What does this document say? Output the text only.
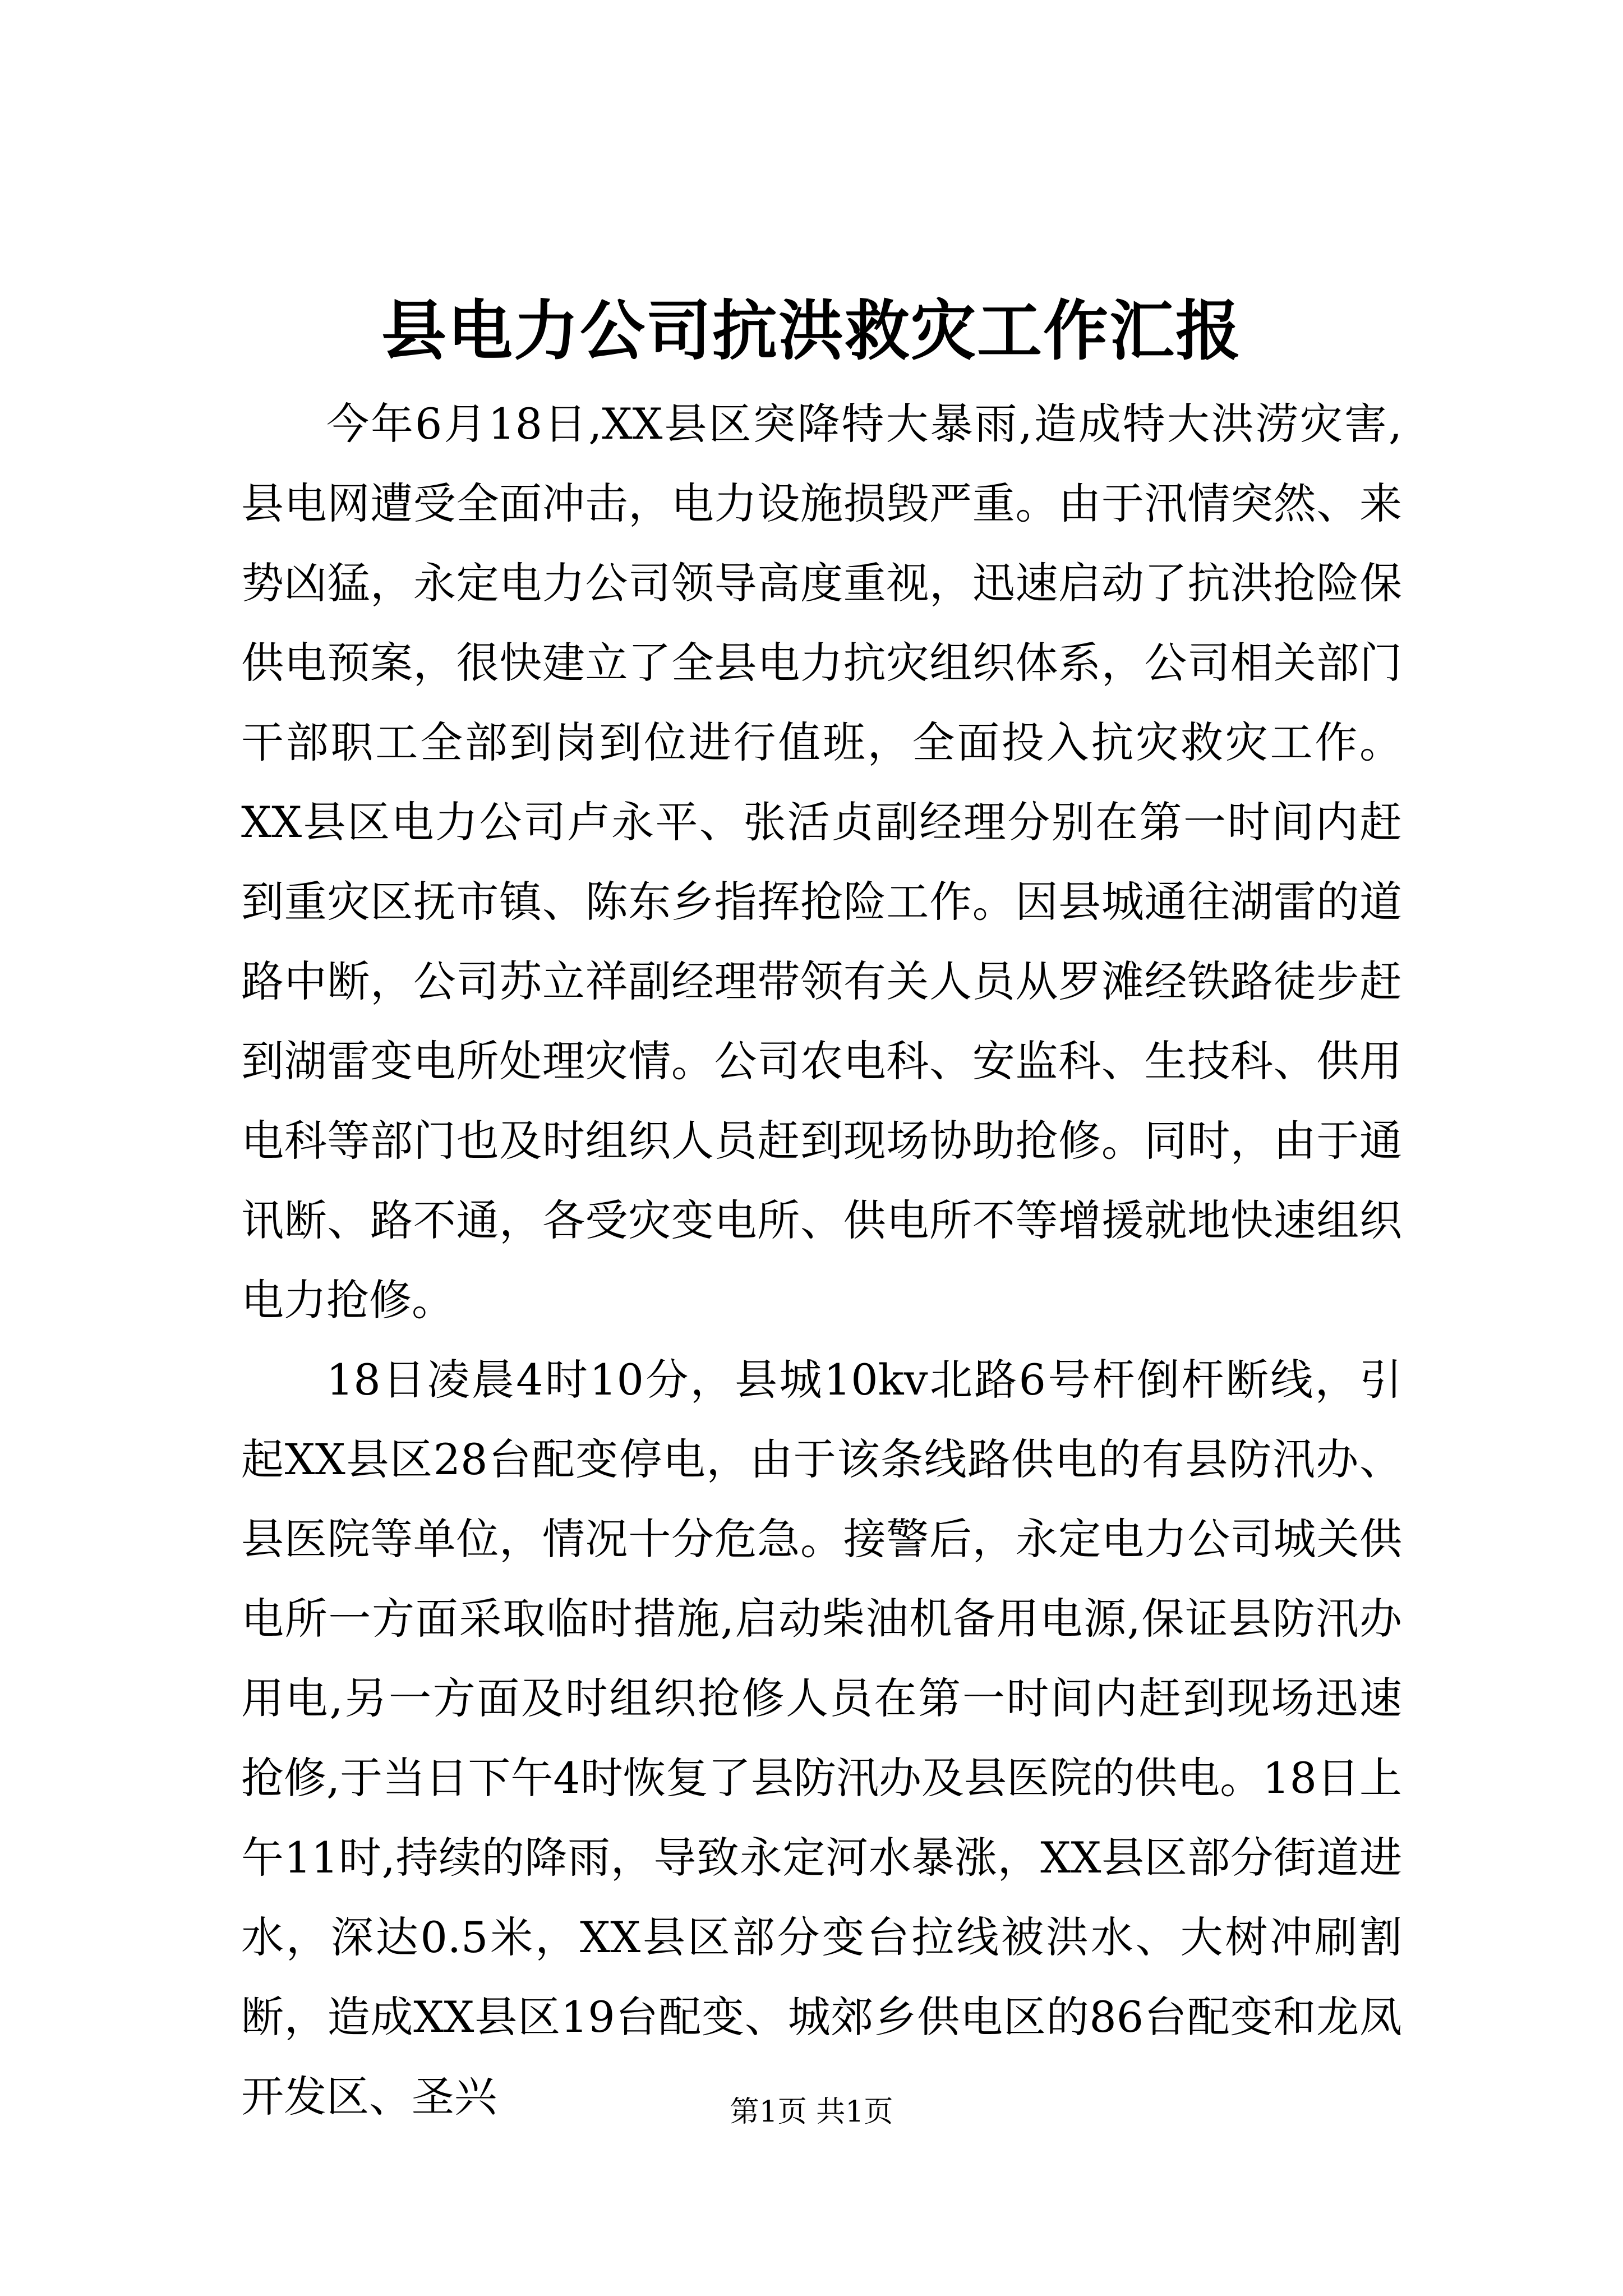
县电力公司抗洪救灾工作汇报

今年6月18日,XX县区突降特大暴雨,造成特大洪涝灾害,县电网遭受全面冲击，电力设施损毁严重。由于汛情突然、来势凶猛，永定电力公司领导高度重视，迅速启动了抗洪抢险保供电预案，很快建立了全县电力抗灾组织体系，公司相关部门干部职工全部到岗到位进行值班，全面投入抗灾救灾工作。XX县区电力公司卢永平、张活贞副经理分别在第一时间内赶到重灾区抚市镇、陈东乡指挥抢险工作。因县城通往湖雷的道路中断，公司苏立祥副经理带领有关人员从罗滩经铁路徒步赶到湖雷变电所处理灾情。公司农电科、安监科、生技科、供用电科等部门也及时组织人员赶到现场协助抢修。同时，由于通讯断、路不通，各受灾变电所、供电所不等增援就地快速组织电力抢修。

18日凌晨4时10分，县城10kv北路6号杆倒杆断线，引起XX县区28台配变停电，由于该条线路供电的有县防汛办、县医院等单位，情况十分危急。接警后，永定电力公司城关供电所一方面采取临时措施,启动柴油机备用电源,保证县防汛办用电,另一方面及时组织抢修人员在第一时间内赶到现场迅速抢修,于当日下午4时恢复了县防汛办及县医院的供电。18日上午11时,持续的降雨，导致永定河水暴涨，XX县区部分街道进水，深达0.5米，XX县区部分变台拉线被洪水、大树冲刷割断，造成XX县区19台配变、城郊乡供电区的86台配变和龙凤开发区、圣兴	第1页 共1页
